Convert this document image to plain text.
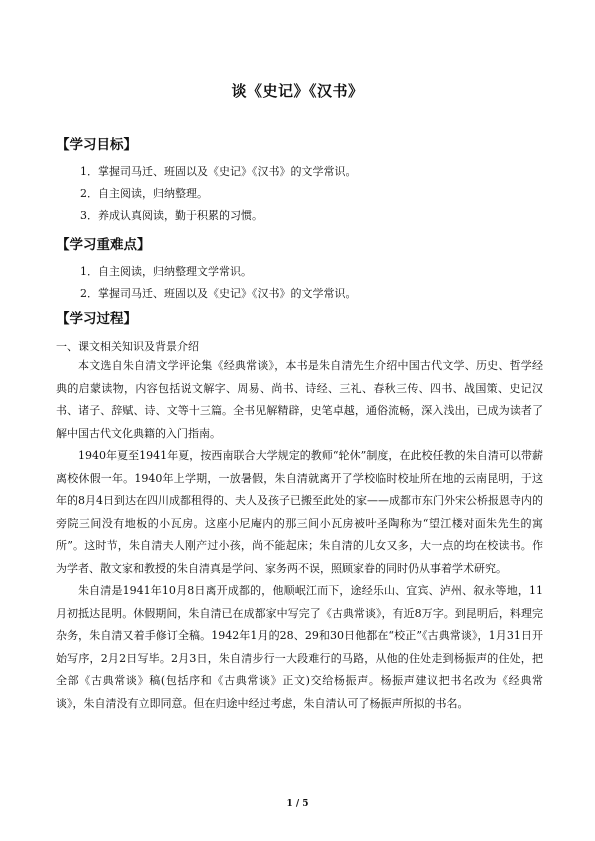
谈《史记》《汉书》
【学习目标】
1．掌握司马迁、班固以及《史记》《汉书》的文学常识。
2．自主阅读，归纳整理。
3．养成认真阅读，勤于积累的习惯。
【学习重难点】
1．自主阅读，归纳整理文学常识。
2．掌握司马迁、班固以及《史记》《汉书》的文学常识。
【学习过程】
一、课文相关知识及背景介绍

本文选自朱自清文学评论集《经典常谈》，本书是朱自清先生介绍中国古代文学、历史、哲学经典的启蒙读物，内容包括说文解字、周易、尚书、诗经、三礼、春秋三传、四书、战国策、史记汉书、诸子、辞赋、诗、文等十三篇。全书见解精辟，史笔卓越，通俗流畅，深入浅出，已成为读者了解中国古代文化典籍的入门指南。

1940年夏至1941年夏，按西南联合大学规定的教师“轮休”制度，在此校任教的朱自清可以带薪离校休假一年。1940年上学期，一放暑假，朱自清就离开了学校临时校址所在地的云南昆明，于这年的8月4日到达在四川成都租得的、夫人及孩子已搬至此处的家——成都市东门外宋公桥报恩寺内的旁院三间没有地板的小瓦房。这座小尼庵内的那三间小瓦房被叶圣陶称为“望江楼对面朱先生的寓所”。这时节，朱自清夫人刚产过小孩，尚不能起床；朱自清的儿女又多，大一点的均在校读书。作为学者、散文家和教授的朱自清真是学问、家务两不误，照顾家眷的同时仍从事着学术研究。

朱自清是1941年10月8日离开成都的，他顺岷江而下，途经乐山、宜宾、泸州、叙永等地，11月初抵达昆明。休假期间，朱自清已在成都家中写完了《古典常谈》，有近8万字。到昆明后，料理完杂务，朱自清又着手修订全稿。1942年1月的28、29和30日他都在“校正”《古典常谈》，1月31日开始写序，2月2日写毕。2月3日，朱自清步行一大段难行的马路，从他的住处走到杨振声的住处，把全部《古典常谈》稿(包括序和《古典常谈》正文)交给杨振声。杨振声建议把书名改为《经典常谈》，朱自清没有立即同意。但在归途中经过考虑，朱自清认可了杨振声所拟的书名。

1 / 5
